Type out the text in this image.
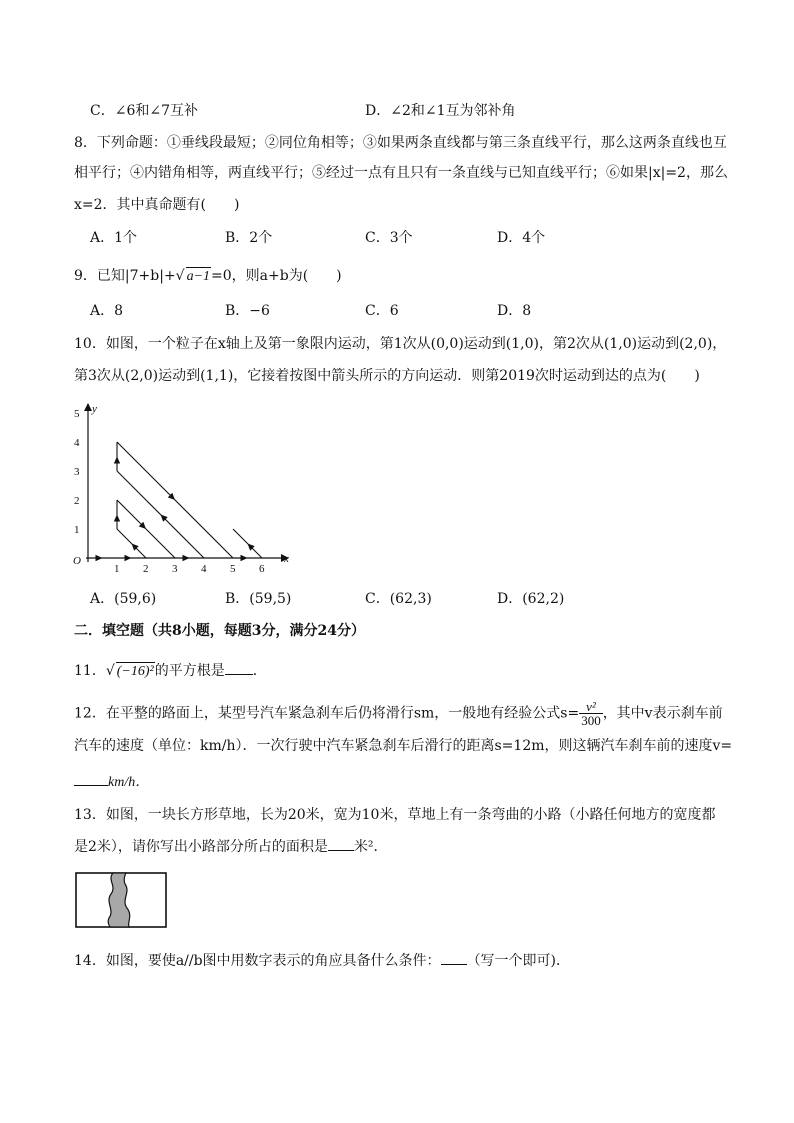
C．∠6和∠7互补	D．∠2和∠1互为邻补角
8．下列命题：①垂线段最短；②同位角相等；③如果两条直线都与第三条直线平行，那么这两条直线也互
相平行；④内错角相等，两直线平行；⑤经过一点有且只有一条直线与已知直线平行；⑥如果|x|=2，那么
x=2．其中真命题有(　　)
A．1个	B．2个	C．3个	D．4个
9．已知|7+b|+√ a−1=0，则a+b为(　　)
A．8	B．−6	C．6	D．8
10．如图，一个粒子在x轴上及第一象限内运动，第1次从(0,0)运动到(1,0)，第2次从(1,0)运动到(2,0)，
第3次从(2,0)运动到(1,1)，它接着按图中箭头所示的方向运动．则第2019次时运动到达的点为(　　)
O	x
y
1 2 3 4 5 6
1
2
3
4
5
A．(59,6)	B．(59,5)	C．(62,3)	D．(62,2)
二．填空题（共8小题，每题3分，满分24分）
11．√ (−16)²的平方根是 ．
12．在平整的路面上，某型号汽车紧急刹车后仍将滑行sm，一般地有经验公式$s= \frac{\text{v²}}{300}$ ，其中v表示刹车前
汽车的速度（单位：km/h）．一次行驶中汽车紧急刹车后滑行的距离s=12m，则这辆汽车刹车前的速度v=
km/h．
13．如图，一块长方形草地，长为20米，宽为10米，草地上有一条弯曲的小路（小路任何地方的宽度都
是2米），请你写出小路部分所占的面积是 米²．
14．如图，要使a//b图中用数字表示的角应具备什么条件： （写一个即可)．
